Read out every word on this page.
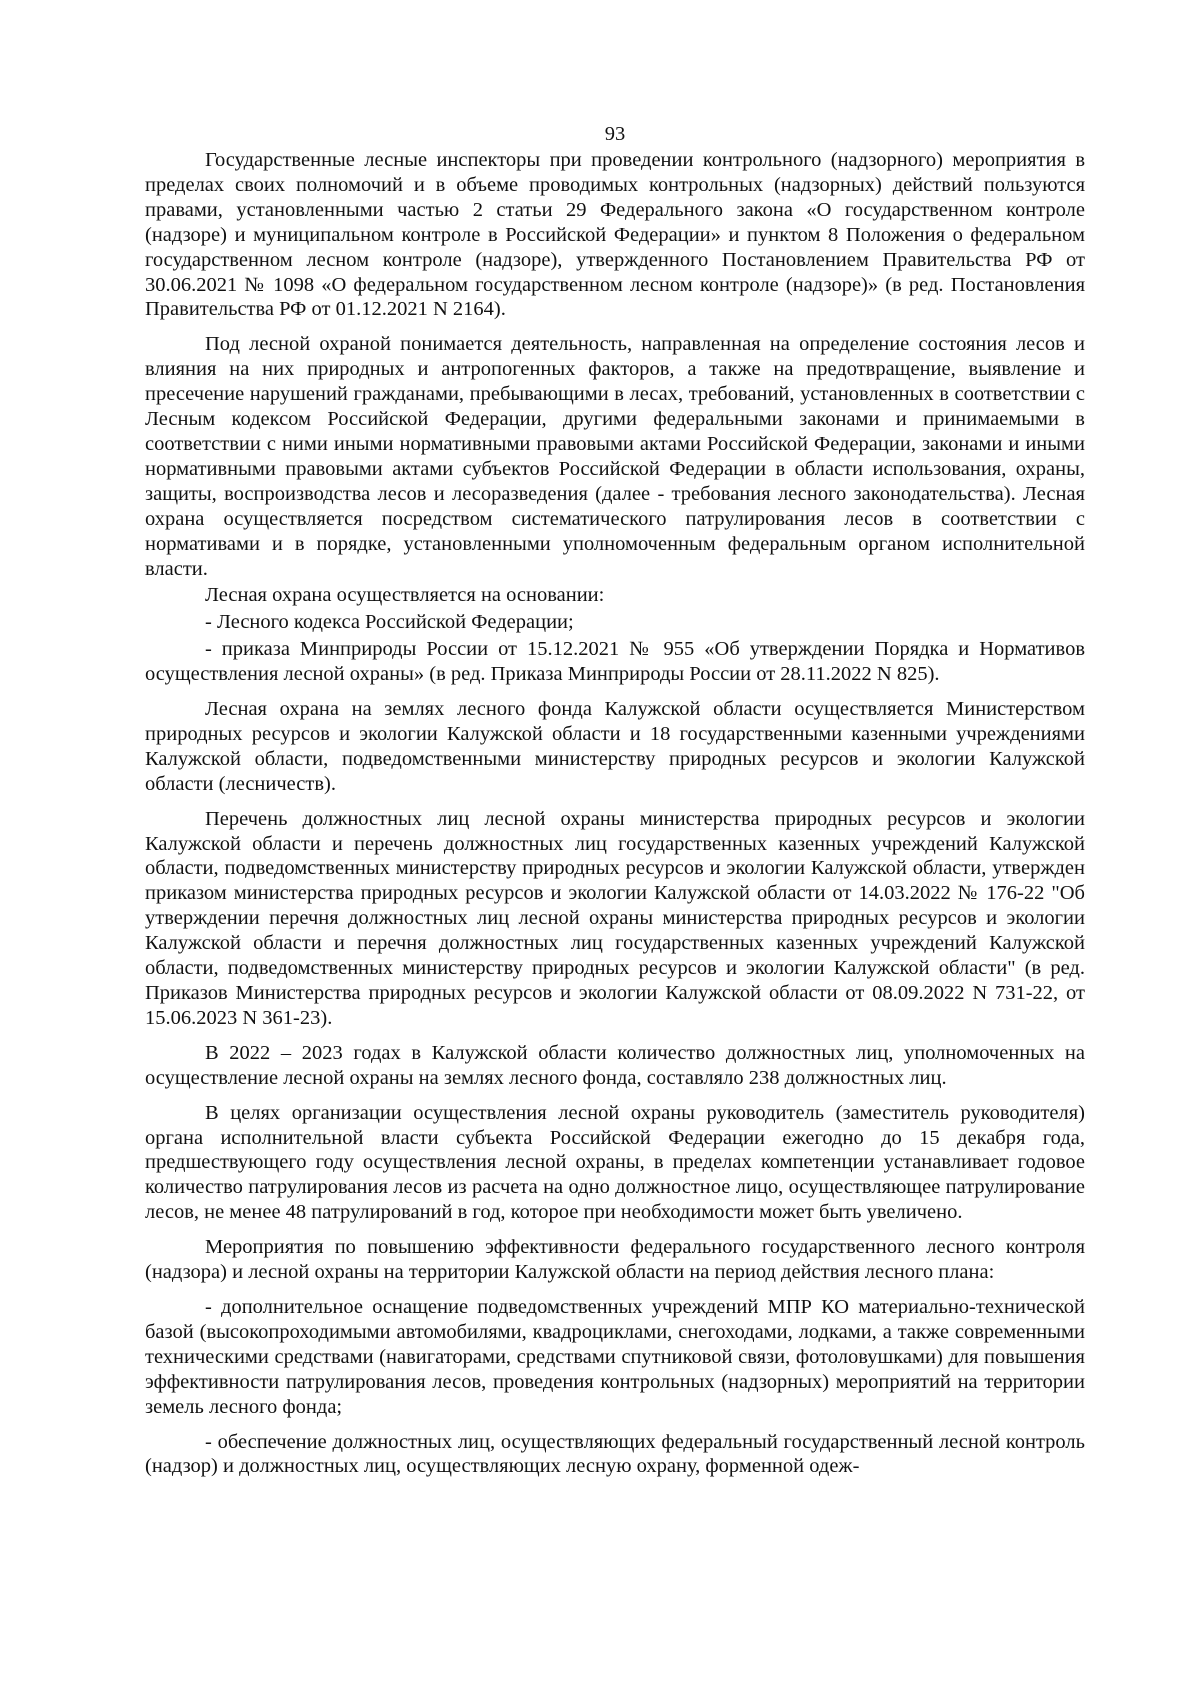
93

Государственные лесные инспекторы при проведении контрольного (надзорного) мероприятия в пределах своих полномочий и в объеме проводимых контрольных (надзорных) действий пользуются правами, установленными частью 2 статьи 29 Федерального закона «О государственном контроле (надзоре) и муниципальном контроле в Российской Федерации» и пунктом 8 Положения о федеральном государственном лесном контроле (надзоре), утвержденного Постановлением Правительства РФ от 30.06.2021 № 1098 «О федеральном государственном лесном контроле (надзоре)» (в ред. Постановления Правительства РФ от 01.12.2021 N 2164).

Под лесной охраной понимается деятельность, направленная на определение состояния лесов и влияния на них природных и антропогенных факторов, а также на предотвращение, выявление и пресечение нарушений гражданами, пребывающими в лесах, требований, установленных в соответствии с Лесным кодексом Российской Федерации, другими федеральными законами и принимаемыми в соответствии с ними иными нормативными правовыми актами Российской Федерации, законами и иными нормативными правовыми актами субъектов Российской Федерации в области использования, охраны, защиты, воспроизводства лесов и лесоразведения (далее - требования лесного законодательства). Лесная охрана осуществляется посредством систематического патрулирования лесов в соответствии с нормативами и в порядке, установленными уполномоченным федеральным органом исполнительной власти.

Лесная охрана осуществляется на основании:

- Лесного кодекса Российской Федерации;

- приказа Минприроды России от 15.12.2021 № 955 «Об утверждении Порядка и Нормативов осуществления лесной охраны» (в ред. Приказа Минприроды России от 28.11.2022 N 825).

Лесная охрана на землях лесного фонда Калужской области осуществляется Министерством природных ресурсов и экологии Калужской области и 18 государственными казенными учреждениями Калужской области, подведомственными министерству природных ресурсов и экологии Калужской области (лесничеств).

Перечень должностных лиц лесной охраны министерства природных ресурсов и экологии Калужской области и перечень должностных лиц государственных казенных учреждений Калужской области, подведомственных министерству природных ресурсов и экологии Калужской области, утвержден приказом министерства природных ресурсов и экологии Калужской области от 14.03.2022 № 176-22 "Об утверждении перечня должностных лиц лесной охраны министерства природных ресурсов и экологии Калужской области и перечня должностных лиц государственных казенных учреждений Калужской области, подведомственных министерству природных ресурсов и экологии Калужской области" (в ред. Приказов Министерства природных ресурсов и экологии Калужской области от 08.09.2022 N 731-22, от 15.06.2023 N 361-23).

В 2022 – 2023 годах в Калужской области количество должностных лиц, уполномоченных на осуществление лесной охраны на землях лесного фонда, составляло 238 должностных лиц.

В целях организации осуществления лесной охраны руководитель (заместитель руководителя) органа исполнительной власти субъекта Российской Федерации ежегодно до 15 декабря года, предшествующего году осуществления лесной охраны, в пределах компетенции устанавливает годовое количество патрулирования лесов из расчета на одно должностное лицо, осуществляющее патрулирование лесов, не менее 48 патрулирований в год, которое при необходимости может быть увеличено.

Мероприятия по повышению эффективности федерального государственного лесного контроля (надзора) и лесной охраны на территории Калужской области на период действия лесного плана:

- дополнительное оснащение подведомственных учреждений МПР КО материально-технической базой (высокопроходимыми автомобилями, квадроциклами, снегоходами, лодками, а также современными техническими средствами (навигаторами, средствами спутниковой связи, фотоловушками) для повышения эффективности патрулирования лесов, проведения контрольных (надзорных) мероприятий на территории земель лесного фонда;

- обеспечение должностных лиц, осуществляющих федеральный государственный лесной контроль (надзор) и должностных лиц, осуществляющих лесную охрану, форменной одеж-
